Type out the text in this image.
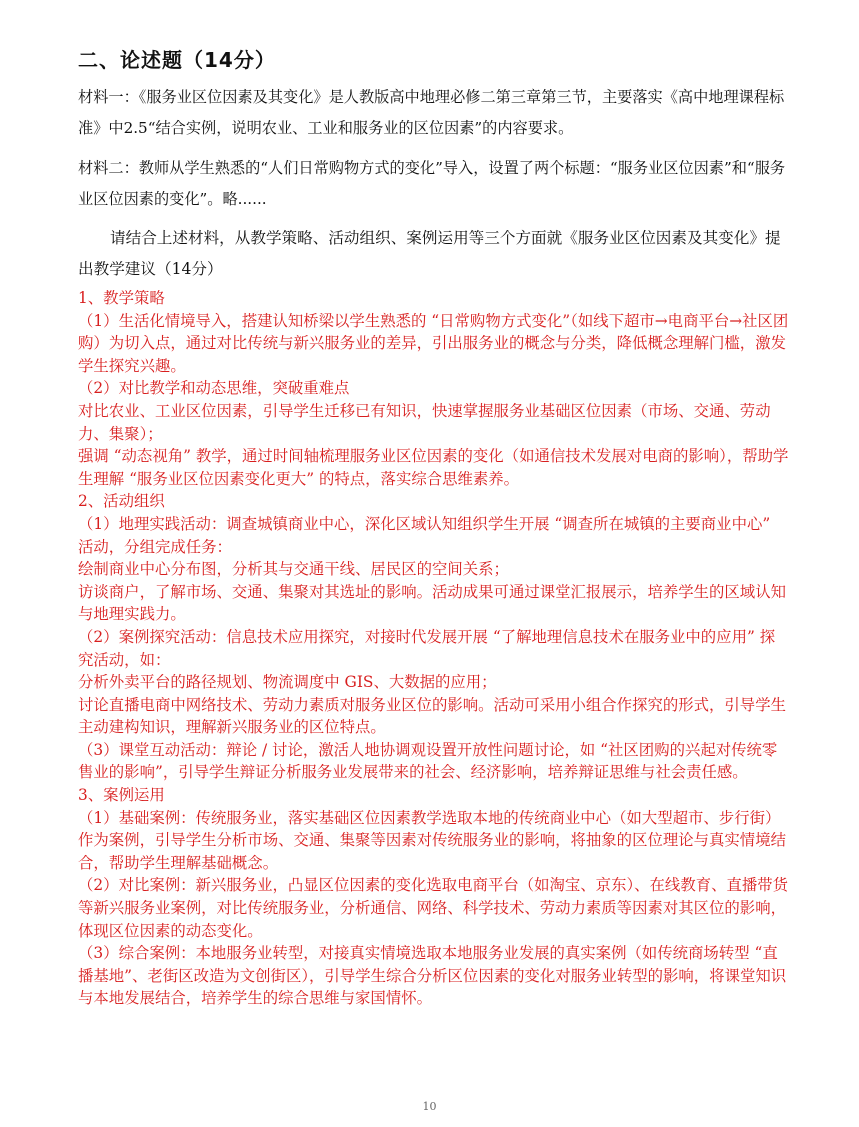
二、论述题（14分）
材料一：《服务业区位因素及其变化》是人教版高中地理必修二第三章第三节，主要落实《高中地理课程标准》中2.5“结合实例，说明农业、工业和服务业的区位因素”的内容要求。
材料二：教师从学生熟悉的“人们日常购物方式的变化”导入，设置了两个标题：“服务业区位因素”和“服务业区位因素的变化”。略......
请结合上述材料，从教学策略、活动组织、案例运用等三个方面就《服务业区位因素及其变化》提出教学建议（14分）

1、教学策略

（1）生活化情境导入，搭建认知桥梁以学生熟悉的 “日常购物方式变化”（如线下超市→电商平台→社区团购）为切入点，通过对比传统与新兴服务业的差异，引出服务业的概念与分类，降低概念理解门槛，激发学生探究兴趣。

（2）对比教学和动态思维，突破重难点

对比农业、工业区位因素，引导学生迁移已有知识，快速掌握服务业基础区位因素（市场、交通、劳动力、集聚）；

强调 “动态视角” 教学，通过时间轴梳理服务业区位因素的变化（如通信技术发展对电商的影响），帮助学生理解 “服务业区位因素变化更大” 的特点，落实综合思维素养。

2、活动组织

（1）地理实践活动：调查城镇商业中心，深化区域认知组织学生开展 “调查所在城镇的主要商业中心” 活动，分组完成任务：

绘制商业中心分布图，分析其与交通干线、居民区的空间关系；

访谈商户，了解市场、交通、集聚对其选址的影响。活动成果可通过课堂汇报展示，培养学生的区域认知与地理实践力。

（2）案例探究活动：信息技术应用探究，对接时代发展开展 “了解地理信息技术在服务业中的应用” 探究活动，如：

分析外卖平台的路径规划、物流调度中 GIS、大数据的应用；

讨论直播电商中网络技术、劳动力素质对服务业区位的影响。活动可采用小组合作探究的形式，引导学生主动建构知识，理解新兴服务业的区位特点。

（3）课堂互动活动：辩论 / 讨论，激活人地协调观设置开放性问题讨论，如 “社区团购的兴起对传统零售业的影响”，引导学生辩证分析服务业发展带来的社会、经济影响，培养辩证思维与社会责任感。

3、案例运用

（1）基础案例：传统服务业，落实基础区位因素教学选取本地的传统商业中心（如大型超市、步行街）作为案例，引导学生分析市场、交通、集聚等因素对传统服务业的影响，将抽象的区位理论与真实情境结合，帮助学生理解基础概念。

（2）对比案例：新兴服务业，凸显区位因素的变化选取电商平台（如淘宝、京东）、在线教育、直播带货等新兴服务业案例，对比传统服务业，分析通信、网络、科学技术、劳动力素质等因素对其区位的影响，体现区位因素的动态变化。

（3）综合案例：本地服务业转型，对接真实情境选取本地服务业发展的真实案例（如传统商场转型 “直播基地”、老街区改造为文创街区），引导学生综合分析区位因素的变化对服务业转型的影响，将课堂知识与本地发展结合，培养学生的综合思维与家国情怀。

10
